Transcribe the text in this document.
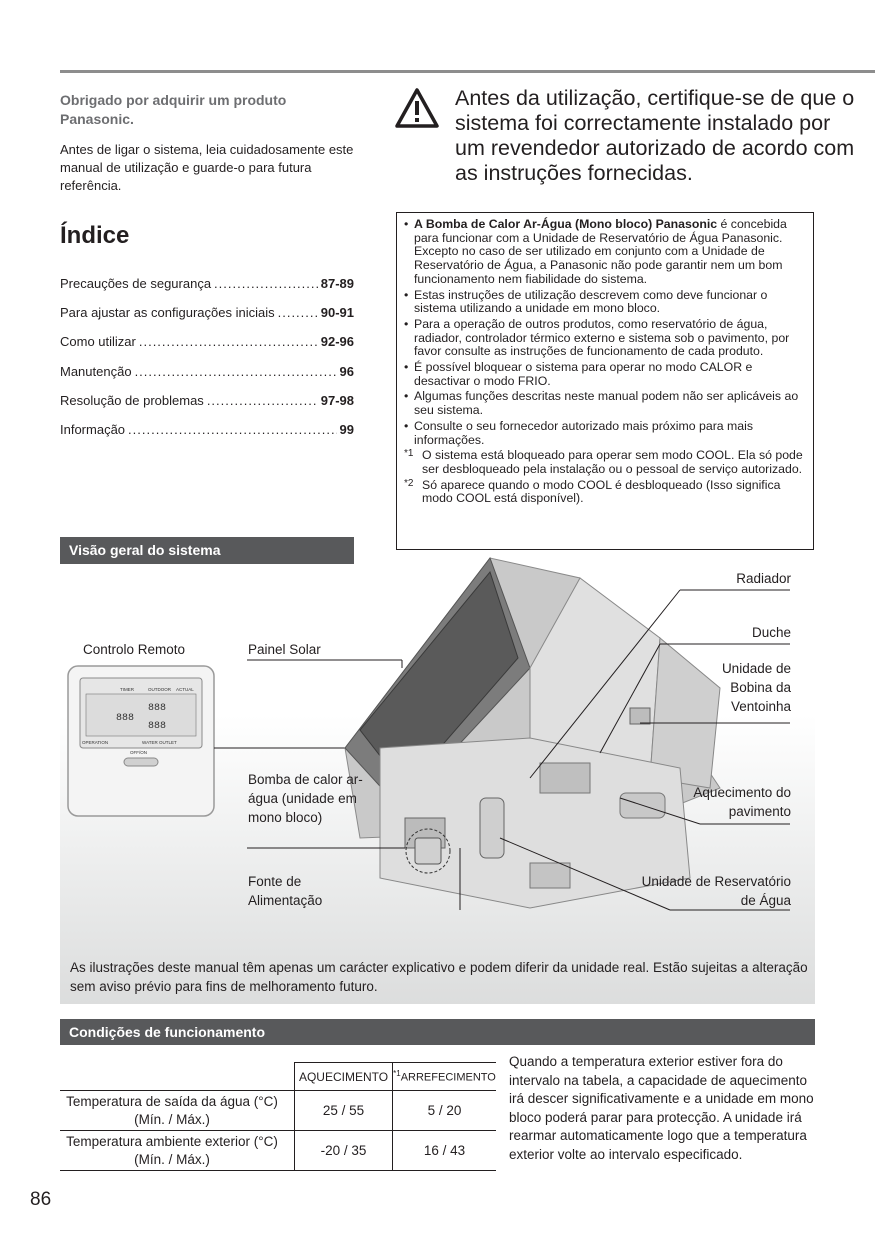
Obrigado por adquirir um produto Panasonic.
Antes de ligar o sistema, leia cuidadosamente este manual de utilização e guarde-o para futura referência.
Índice
Precauções de segurança .....	87-89
Para ajustar as configurações iniciais .....	90-91
Como utilizar .....	92-96
Manutenção .....	96
Resolução de problemas .....	97-98
Informação .....	99
Antes da utilização, certifique-se de que o sistema foi correctamente instalado por um revendedor autorizado de acordo com as instruções fornecidas.
• A Bomba de Calor Ar-Água (Mono bloco) Panasonic é concebida para funcionar com a Unidade de Reservatório de Água Panasonic. Excepto no caso de ser utilizado em conjunto com a Unidade de Reservatório de Água, a Panasonic não pode garantir nem um bom funcionamento nem fiabilidade do sistema.
• Estas instruções de utilização descrevem como deve funcionar o sistema utilizando a unidade em mono bloco.
• Para a operação de outros produtos, como reservatório de água, radiador, controlador térmico externo e sistema sob o pavimento, por favor consulte as instruções de funcionamento de cada produto.
• É possível bloquear o sistema para operar no modo CALOR e desactivar o modo FRIO.
• Algumas funções descritas neste manual podem não ser aplicáveis ao seu sistema.
• Consulte o seu fornecedor autorizado mais próximo para mais informações.
*1 O sistema está bloqueado para operar sem modo COOL. Ela só pode ser desbloqueado pela instalação ou o pessoal de serviço autorizado.
*2 Só aparece quando o modo COOL é desbloqueado (Isso significa modo COOL está disponível).
Visão geral do sistema
TIMER	OUTDOOR ACTUAL
888
888
888
OPERATION	WATER OUTLET
OFF/ON
Controlo Remoto	Painel Solar
Bomba de calor ar-água (unidade em mono bloco)
Fonte de Alimentação
Radiador
Duche
Unidade de Bobina da Ventoinha
Aquecimento do pavimento
Unidade de Reservatório de Água
As ilustrações deste manual têm apenas um carácter explicativo e podem diferir da unidade real. Estão sujeitas a alteração sem aviso prévio para fins de melhoramento futuro.
Condições de funcionamento
	AQUECIMENTO	$^{*1}$ARREFECIMENTO
Temperatura de saída da água (°C)
(Mín. / Máx.)	25 / 55	5 / 20
Temperatura ambiente exterior (°C)
(Mín. / Máx.)	-20 / 35	16 / 43
Quando a temperatura exterior estiver fora do intervalo na tabela, a capacidade de aquecimento irá descer significativamente e a unidade em mono bloco poderá parar para protecção. A unidade irá rearmar automaticamente logo que a temperatura exterior volte ao intervalo especificado.
86
